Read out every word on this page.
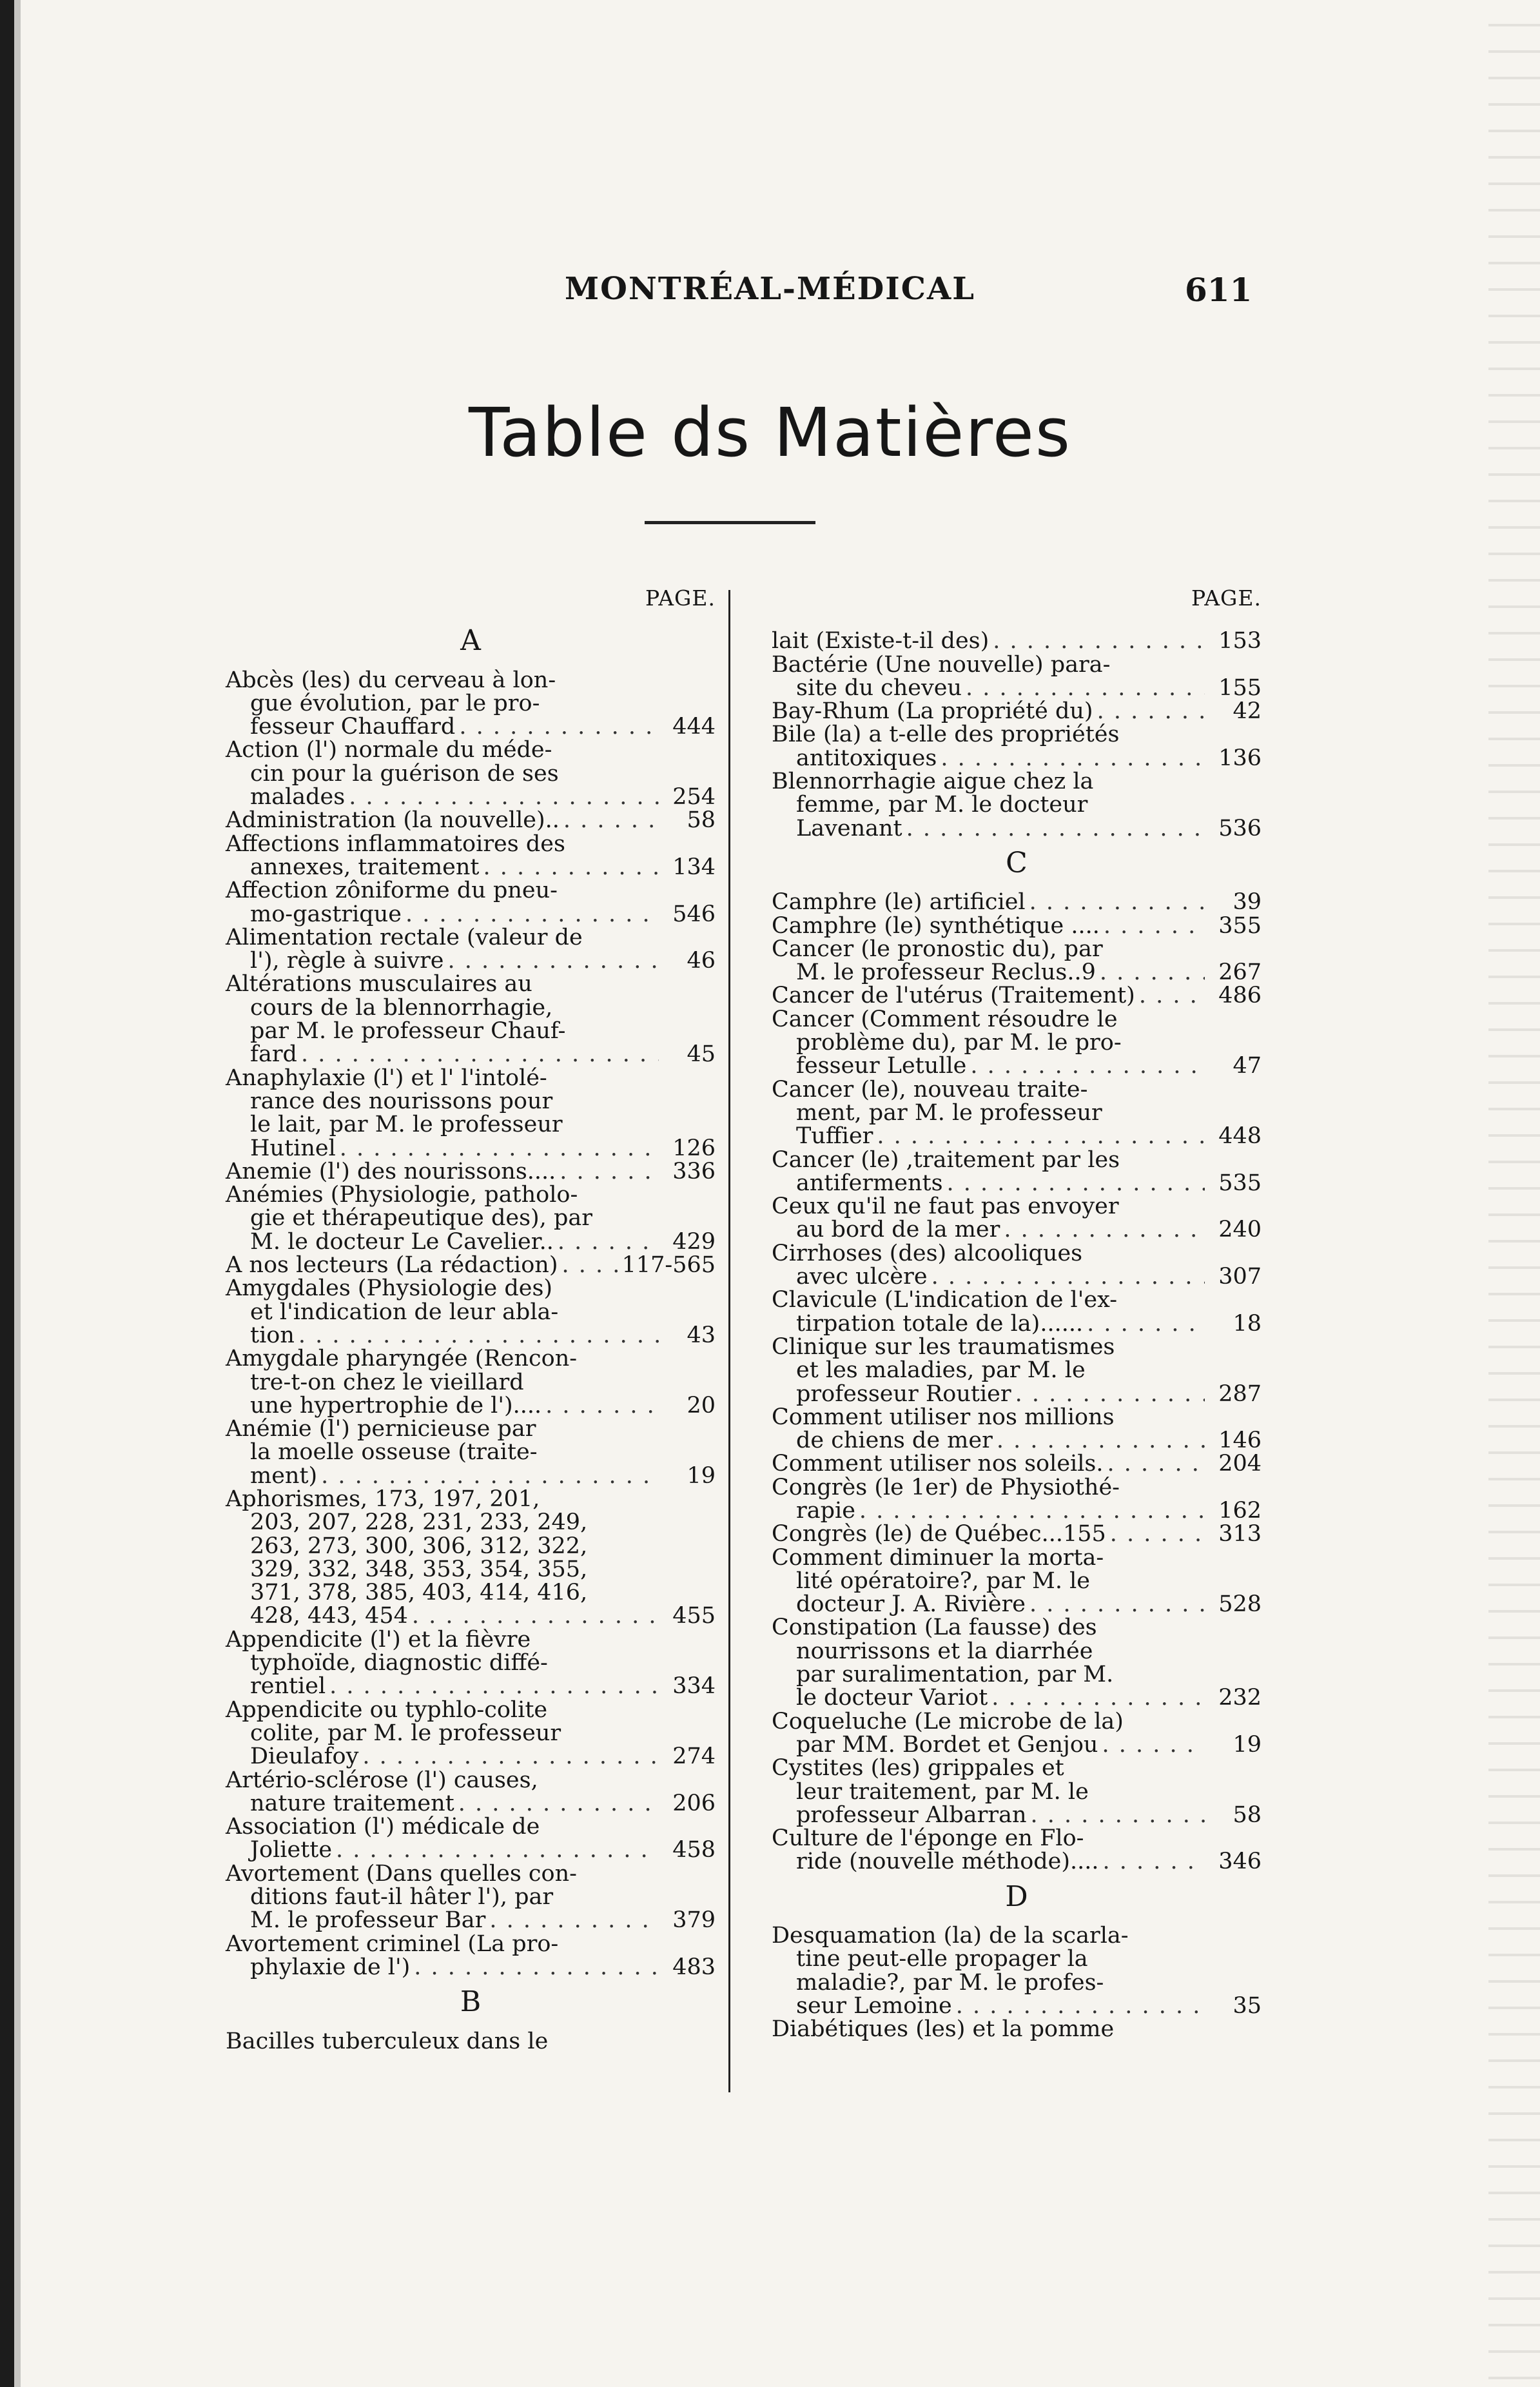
MONTRÉAL-MÉDICAL	611
Table ds Matières
PAGE.
A
Abcès (les) du cerveau à lon-
gue évolution, par le pro-
fesseur Chauffard . . .	444
Action (l') normale du méde-
cin pour la guérison de ses
malades . . .	254
Administration (la nouvelle).. . . .	58
Affections inflammatoires des
annexes, traitement . . .	134
Affection zôniforme du pneu-
mo-gastrique . . .	546
Alimentation rectale (valeur de
l'), règle à suivre . . .	46
Altérations musculaires au
cours de la blennorrhagie,
par M. le professeur Chauf-
fard . . .	45
Anaphylaxie (l') et l' l'intolé-
rance des nourissons pour
le lait, par M. le professeur
Hutinel . . .	126
Anemie (l') des nourissons.... . . .	336
Anémies (Physiologie, patholo-
gie et thérapeutique des), par
M. le docteur Le Cavelier.. . . .	429
A nos lecteurs (La rédaction) . . .	117-565
Amygdales (Physiologie des)
et l'indication de leur abla-
tion . . .	43
Amygdale pharyngée (Rencon-
tre-t-on chez le vieillard
une hypertrophie de l').... . . .	20
Anémie (l') pernicieuse par
la moelle osseuse (traite-
ment) . . .	19
Aphorismes, 173, 197, 201,
203, 207, 228, 231, 233, 249,
263, 273, 300, 306, 312, 322,
329, 332, 348, 353, 354, 355,
371, 378, 385, 403, 414, 416,
428, 443, 454 . . .	455
Appendicite (l') et la fièvre
typhoïde, diagnostic diffé-
rentiel . . .	334
Appendicite ou typhlo-colite
colite, par M. le professeur
Dieulafoy . . .	274
Artério-sclérose (l') causes,
nature traitement . . .	206
Association (l') médicale de
Joliette . . .	458
Avortement (Dans quelles con-
ditions faut-il hâter l'), par
M. le professeur Bar . . .	379
Avortement criminel (La pro-
phylaxie de l') . . .	483
B
Bacilles tuberculeux dans le
PAGE.
lait (Existe-t-il des) . . .	153
Bactérie (Une nouvelle) para-
site du cheveu . . .	155
Bay-Rhum (La propriété du) . . .	42
Bile (la) a t-elle des propriétés
antitoxiques . . .	136
Blennorrhagie aigue chez la
femme, par M. le docteur
Lavenant . . .	536
C
Camphre (le) artificiel . . .	39
Camphre (le) synthétique .... . . .	355
Cancer (le pronostic du), par
M. le professeur Reclus..9 . . .	267
Cancer de l'utérus (Traitement) . . .	486
Cancer (Comment résoudre le
problème du), par M. le pro-
fesseur Letulle . . .	47
Cancer (le), nouveau traite-
ment, par M. le professeur
Tuffier . . .	448
Cancer (le) ,traitement par les
antiferments . . .	535
Ceux qu'il ne faut pas envoyer
au bord de la mer . . .	240
Cirrhoses (des) alcooliques
avec ulcère . . .	307
Clavicule (L'indication de l'ex-
tirpation totale de la)...... . . .	18
Clinique sur les traumatismes
et les maladies, par M. le
professeur Routier . . .	287
Comment utiliser nos millions
de chiens de mer . . .	146
Comment utiliser nos soleils. . . .	204
Congrès (le 1er) de Physiothé-
rapie . . .	162
Congrès (le) de Québec...155 . . .	313
Comment diminuer la morta-
lité opératoire?, par M. le
docteur J. A. Rivière . . .	528
Constipation (La fausse) des
nourrissons et la diarrhée
par suralimentation, par M.
le docteur Variot . . .	232
Coqueluche (Le microbe de la)
par MM. Bordet et Genjou . . .	19
Cystites (les) grippales et
leur traitement, par M. le
professeur Albarran . . .	58
Culture de l'éponge en Flo-
ride (nouvelle méthode).... . . .	346
D
Desquamation (la) de la scarla-
tine peut-elle propager la
maladie?, par M. le profes-
seur Lemoine . . .	35
Diabétiques (les) et la pomme
